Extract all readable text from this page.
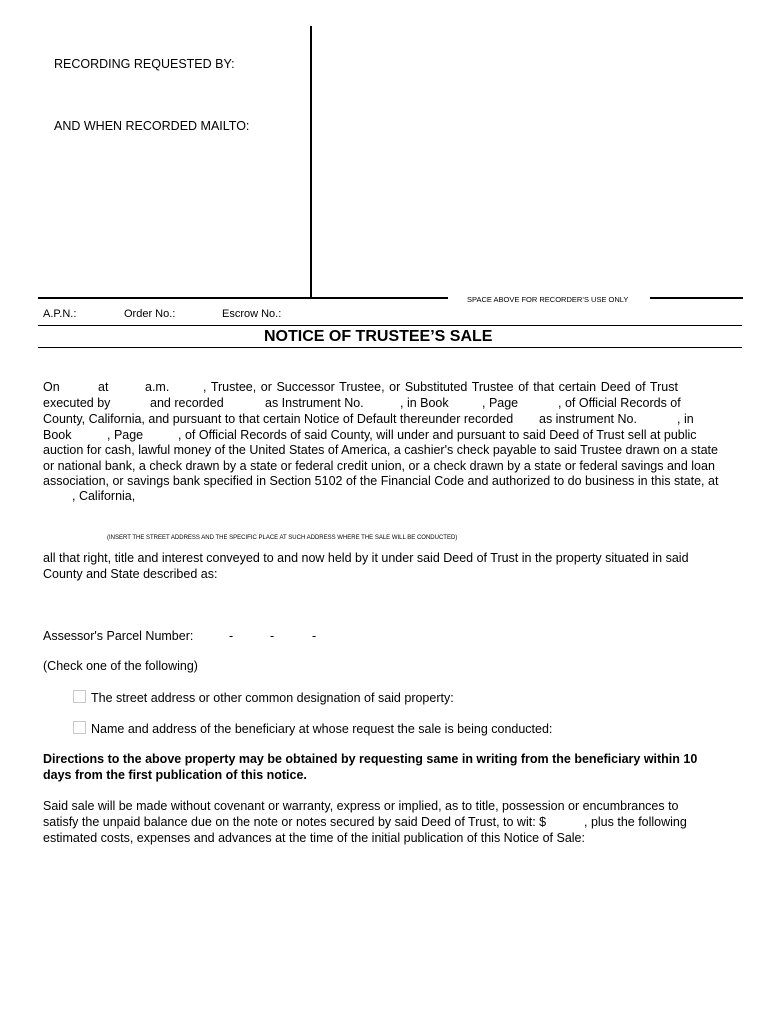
RECORDING REQUESTED BY:
AND WHEN RECORDED MAILTO:
SPACE ABOVE FOR RECORDER’S USE ONLY
A.P.N.:	Order No.:	Escrow No.:
NOTICE OF TRUSTEE’S SALE
On	at	a.m.	, Trustee, or Successor Trustee, or Substituted Trustee of that certain Deed of Trust
executed by	and recorded	as Instrument No.	, in Book	, Page	, of Official Records of
County, California, and pursuant to that certain Notice of Default thereunder recorded as instrument No.	, in
Book	, Page	, of Official Records of said County, will under and pursuant to said Deed of Trust sell at public
auction for cash, lawful money of the United States of America, a cashier's check payable to said Trustee drawn on a state
or national bank, a check drawn by a state or federal credit union, or a check drawn by a state or federal savings and loan
association, or savings bank specified in Section 5102 of the Financial Code and authorized to do business in this state, at
, California,
(INSERT THE STREET ADDRESS AND THE SPECIFIC PLACE AT SUCH ADDRESS WHERE THE SALE WILL BE CONDUCTED)
all that right, title and interest conveyed to and now held by it under said Deed of Trust in the property situated in said
County and State described as:
Assessor's Parcel Number:	-	-	-
(Check one of the following)
The street address or other common designation of said property:
Name and address of the beneficiary at whose request the sale is being conducted:
Directions to the above property may be obtained by requesting same in writing from the beneficiary within 10
days from the first publication of this notice.
Said sale will be made without covenant or warranty, express or implied, as to title, possession or encumbrances to
satisfy the unpaid balance due on the note or notes secured by said Deed of Trust, to wit: $	, plus the following
estimated costs, expenses and advances at the time of the initial publication of this Notice of Sale:
